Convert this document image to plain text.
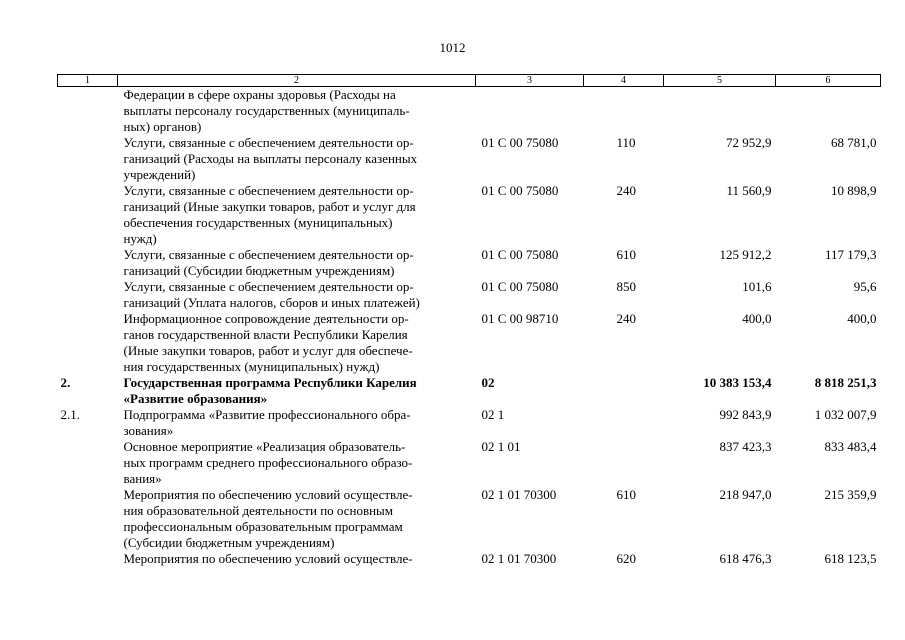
1012
1	2	3	4	5	6
	Федерации в сфере охраны здоровья (Расходы на
выплаты персоналу государственных (муниципаль-
ных) органов)				
	Услуги, связанные с обеспечением деятельности ор-
ганизаций (Расходы на выплаты персоналу казенных
учреждений)	01 С 00 75080	110	72 952,9	68 781,0
	Услуги, связанные с обеспечением деятельности ор-
ганизаций (Иные закупки товаров, работ и услуг для
обеспечения государственных (муниципальных)
нужд)	01 С 00 75080	240	11 560,9	10 898,9
	Услуги, связанные с обеспечением деятельности ор-
ганизаций (Субсидии бюджетным учреждениям)	01 С 00 75080	610	125 912,2	117 179,3
	Услуги, связанные с обеспечением деятельности ор-
ганизаций (Уплата налогов, сборов и иных платежей)	01 С 00 75080	850	101,6	95,6
	Информационное сопровождение деятельности ор-
ганов государственной власти Республики Карелия
(Иные закупки товаров, работ и услуг для обеспече-
ния государственных (муниципальных) нужд)	01 С 00 98710	240	400,0	400,0
2.	Государственная программа Республики Карелия
«Развитие образования»	02		10 383 153,4	8 818 251,3
2.1.	Подпрограмма «Развитие профессионального обра-
зования»	02 1		992 843,9	1 032 007,9
	Основное мероприятие «Реализация образователь-
ных программ среднего профессионального образо-
вания»	02 1 01		837 423,3	833 483,4
	Мероприятия по обеспечению условий осуществле-
ния образовательной деятельности по основным
профессиональным образовательным программам
(Субсидии бюджетным учреждениям)	02 1 01 70300	610	218 947,0	215 359,9
	Мероприятия по обеспечению условий осуществле-	02 1 01 70300	620	618 476,3	618 123,5
